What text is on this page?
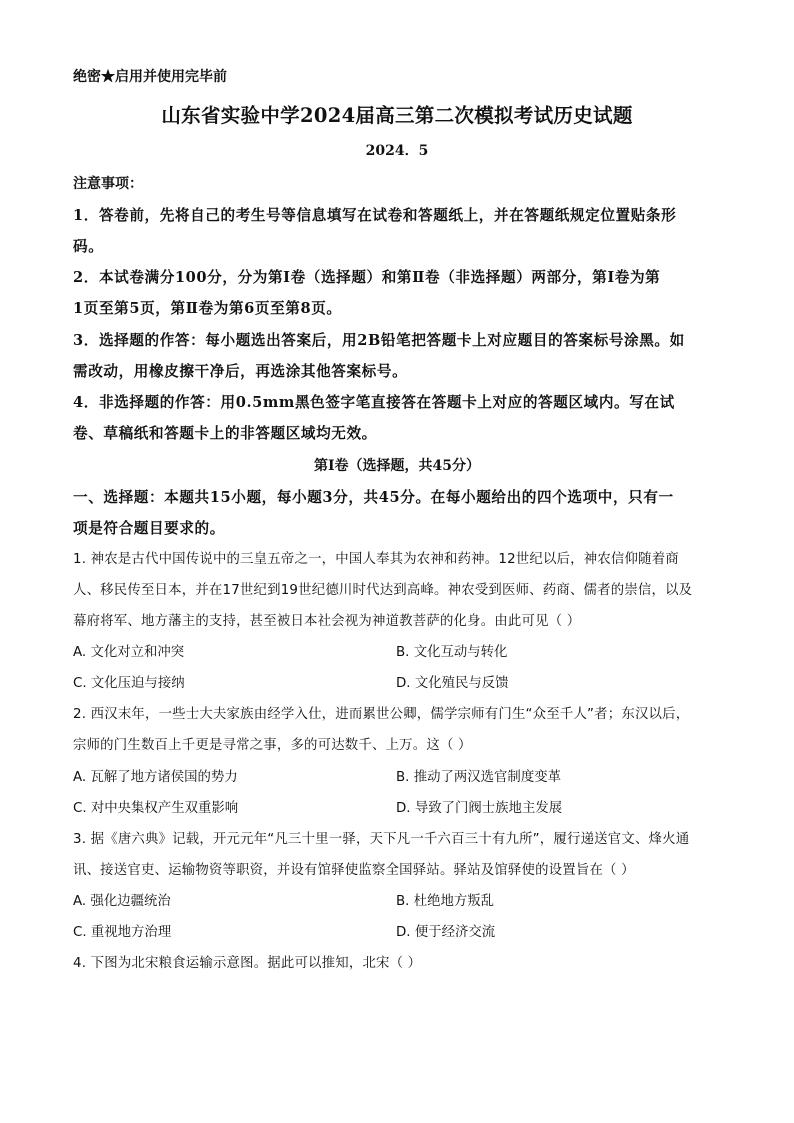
绝密★启用并使用完毕前
山东省实验中学2024届高三第二次模拟考试历史试题
2024．5
注意事项：
1．答卷前，先将自己的考生号等信息填写在试卷和答题纸上，并在答题纸规定位置贴条形
码。
2．本试卷满分100分，分为第Ⅰ卷（选择题）和第Ⅱ卷（非选择题）两部分，第Ⅰ卷为第
1页至第5页，第Ⅱ卷为第6页至第8页。
3．选择题的作答：每小题选出答案后，用2B铅笔把答题卡上对应题目的答案标号涂黑。如
需改动，用橡皮擦干净后，再选涂其他答案标号。
4．非选择题的作答：用0.5mm黑色签字笔直接答在答题卡上对应的答题区域内。写在试
卷、草稿纸和答题卡上的非答题区域均无效。
第Ⅰ卷（选择题，共45分）
一、选择题：本题共15小题，每小题3分，共45分。在每小题给出的四个选项中，只有一
项是符合题目要求的。
1. 神农是古代中国传说中的三皇五帝之一，中国人奉其为农神和药神。12世纪以后，神农信仰随着商
人、移民传至日本，并在17世纪到19世纪德川时代达到高峰。神农受到医师、药商、儒者的崇信，以及
幕府将军、地方藩主的支持，甚至被日本社会视为神道教菩萨的化身。由此可见（ ）
A. 文化对立和冲突	B. 文化互动与转化
C. 文化压迫与接纳	D. 文化殖民与反馈
2. 西汉末年，一些士大夫家族由经学入仕，进而累世公卿，儒学宗师有门生“众至千人”者；东汉以后，
宗师的门生数百上千更是寻常之事，多的可达数千、上万。这（ ）
A. 瓦解了地方诸侯国的势力	B. 推动了两汉选官制度变革
C. 对中央集权产生双重影响	D. 导致了门阀士族地主发展
3. 据《唐六典》记载，开元元年“凡三十里一驿，天下凡一千六百三十有九所”，履行递送官文、烽火通
讯、接送官吏、运输物资等职资，并设有馆驿使监察全国驿站。驿站及馆驿使的设置旨在（ ）
A. 强化边疆统治	B. 杜绝地方叛乱
C. 重视地方治理	D. 便于经济交流
4. 下图为北宋粮食运输示意图。据此可以推知，北宋（ ）
